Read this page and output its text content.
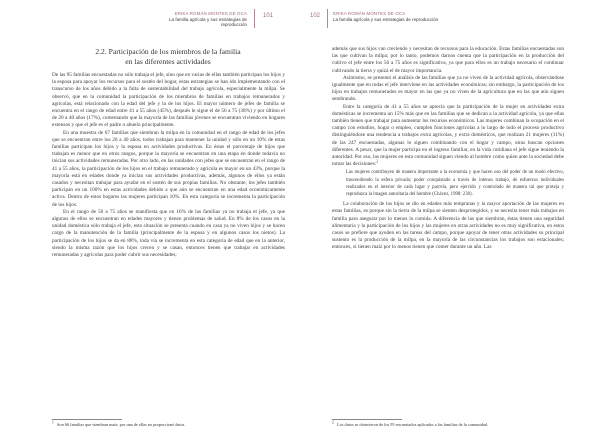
ERIKA ROMÁN MONTES DE OCA
La familia agrícola y sus estrategias de reproducción
101
2.2. Participación de los miembros de la familia
en las diferentes actividades

De las 95 familias encuestadas no sólo trabaja el jefe, sino que en varias de ellas también participan los hijos y la esposa para apoyar los recursos para el sostén del hogar, estas estrategias se han ido implementando con el transcurso de los años debido a la falta de sustentabilidad del trabajo agrícola, especialmente la milpa. Se observó, que en la comunidad la participación de los miembros de familias en trabajos remunerados y agrícolas, está relacionado con la edad del jefe y la de los hijos. El mayor número de jefes de familia se encuentra en el rango de edad entre 41 a 55 años (45%), después le sigue el de 56 a 75 (38%) y por último el de 20 a 40 años (17%), comentando que la mayoría de las familias jóvenes se encuentran viviendo en hogares extensos y que el jefe es el padre o abuelo principalmente.

En una muestra de 67 familias que siembran la milpa en la comunidad en el rango de edad de los jefes que se encuentran entre los 20 a 40 años, todos trabajan para mantener la unidad y sólo en un 10% de estas familias participan los hijos y la esposa en actividades productivas. En éstas el porcentaje de hijos que trabajan es menor que en otros rangos, porque la mayoría se encuentran en una etapa en donde todavía no inician sus actividades remuneradas. Por otro lado, en las unidades con jefes que se encuentran en el rango de 41 a 55 años, la participación de los hijos en el trabajo remunerado y agrícola es mayor en un 43%, porque la mayoría está en edades donde ya inician sus actividades productivas, además, algunos de ellos ya están casados y necesitan trabajar para ayudar en el sostén de sus propias familias. No obstante, los jefes también participan en un 100% en estas actividades debido a que aún se encuentran en una edad económicamente activa. Dentro de estos hogares las mujeres participan 10%. En esta categoría se incrementa la participación de los hijos.

En el rango de 56 a 75 años se manifiesta que en 16% de las familias ya no trabaja el jefe, ya que algunos de ellos se encuentran en edades mayores y tienen problemas de salud. En 8% de los casos en la unidad doméstica sólo trabaja el jefe, esta situación se presenta cuando en casa ya no viven hijos y se hacen cargo de la manutención de la familia (principalmente de la esposa y en algunos casos los nietos). La participación de los hijos se da en 88%, toda vía se incrementa en esta categoría de edad que en la anterior, siendo la misma razón que los hijos crecen y se casan, entonces tienen que trabajar en actividades remuneradas y agrícolas para poder cubrir sus necesidades;

$^1$ Son 66 familias que siembran maíz, por una de ellas no proporcionó datos.
102	ERIKA ROMÁN MONTES DE OCA
La familia agrícola y sus estrategias de reproducción

además que sus hijos van creciendo y necesitan de recursos para la educación. Estas familias encuestadas son las que cultivan la milpa; por lo tanto, podemos darnos cuenta que la participación en la producción del cultivo el jefe entre los 56 a 75 años es significativa, ya que para ellos es un trabajo necesario el continuar cultivando la tierra y quizá el de mayor importancia.

Asimismo, se presentó el análisis de las familias que ya no viven de la actividad agrícola, observándose igualmente que en todas el jefe interviene en las actividades económicas; sin embargo, la participación de los hijos en trabajos remunerados es mayor en las que ya no viven de la agricultura que en las que aún siguen sembrando.

Entre la categoría de 41 a 55 años se aprecia que la participación de la mujer en actividades extra domésticas se incrementa un 15% más que en las familias que se dedican a la actividad agrícola, ya que ellas también tienen que trabajar para aumentar los recursos económicos. Las mujeres combinan la ocupación en el campo con estudios, hogar o empleo, cumplen funciones agrícolas a lo largo de todo el proceso productivo distinguiéndose una tendencia a trabajos extra agrícolas, y extra domésticos, que realizan 21 mujeres (11%) de las 247 encuestadas, algunas lo siguen combinando con el hogar y campo, otras buscan opciones diferentes. A pesar, que la mujer participa en el ingreso familiar, en la vida cotidiana el jefe sigue teniendo la autoridad. Por eso, las mujeres en esta comunidad siguen viendo al hombre como quien ante la sociedad debe tomar las decisiones:$^2$

Las mujeres contribuyen de manera importante a la economía y que hacen uso del poder de un modo efectivo, trascendiendo la esfera privada; poder conquistado a través de intenso trabajo, de esfuerzos individuales realizados en el interior de cada lugar y parcela, pero ejercido y controlado de manera tal que proteja y reproduzca la imagen autoritaria del hombre (Chávez, 1998: 230).

La colaboración de los hijos se dio en edades más tempranas y la mayor aportación de las mujeres en estas familias, es porque sin la tierra de la milpa se sienten desprotegidos, y se necesita tener más trabajos en familia para asegurar por lo menos lo comida. A diferencia de las que siembran, éstas tienen una seguridad alimentaria y la participación de los hijos y las mujeres en otras actividades no es muy significativa, en estos casos se prefiere que ayuden en las tareas del campo, porque apoyar de tener otras actividades su principal sustento es la producción de la milpa, en la mayoría de las circunstancias los trabajos son estacionales; entonces, si tienen maíz por lo menos tienen que comer durante un año. Las

$^2$ Los datos se obtuvieron de los 95 encuestados aplicados a las familias de la comunidad.
